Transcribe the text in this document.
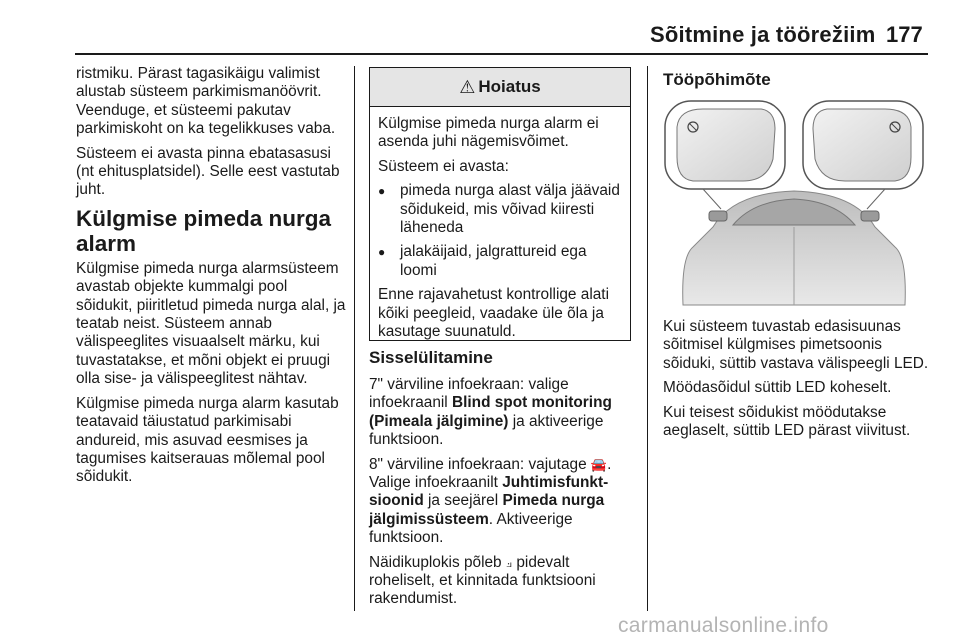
Sõitmine ja töörežiim 177

ristmiku. Pärast tagasikäigu valimist alustab süsteem parkimismanöövrit. Veenduge, et süsteemi pakutav parkimiskoht on ka tegelikkuses vaba.

Süsteem ei avasta pinna ebatasasusi (nt ehitusplatsidel). Selle eest vastutab juht.

Külgmise pimeda nurga alarm

Külgmise pimeda nurga alarmsüsteem avastab objekte kummalgi pool sõidukit, piiritletud pimeda nurga alal, ja teatab neist. Süsteem annab välispeeglites visuaalselt märku, kui tuvastatakse, et mõni objekt ei pruugi olla sise- ja välispeeglitest nähtav.

Külgmise pimeda nurga alarm kasutab teatavaid täiustatud parkimisabi andureid, mis asuvad eesmises ja tagumises kaitserauas mõlemal pool sõidukit.

⚠ Hoiatus

Külgmise pimeda nurga alarm ei asenda juhi nägemisvõimet.

Süsteem ei avasta:

● pimeda nurga alast välja jäävaid sõidukeid, mis võivad kiiresti läheneda
● jalakäijaid, jalgrattureid ega loomi

Enne rajavahetust kontrollige alati kõiki peegleid, vaadake üle õla ja kasutage suunatuld.

Sisselülitamine

7" värviline infoekraan: valige infoekraanil Blind spot monitoring (Pimeala jälgimine) ja aktiveerige funktsioon.

8" värviline infoekraan: vajutage 🚘. Valige infoekraanilt Juhtimisfunkt-sioonid ja seejärel Pimeda nurga jälgimissüsteem. Aktiveerige funktsioon.

Näidikuplokis põleb ⟓ pidevalt roheliselt, et kinnitada funktsiooni rakendumist.

Tööpõhimõte

Kui süsteem tuvastab edasisuunas sõitmisel külgmises pimetsoonis sõiduki, süttib vastava välispeegli LED.

Möödasõidul süttib LED koheselt.

Kui teisest sõidukist möödutakse aeglaselt, süttib LED pärast viivitust.

carmanualsonline.info
